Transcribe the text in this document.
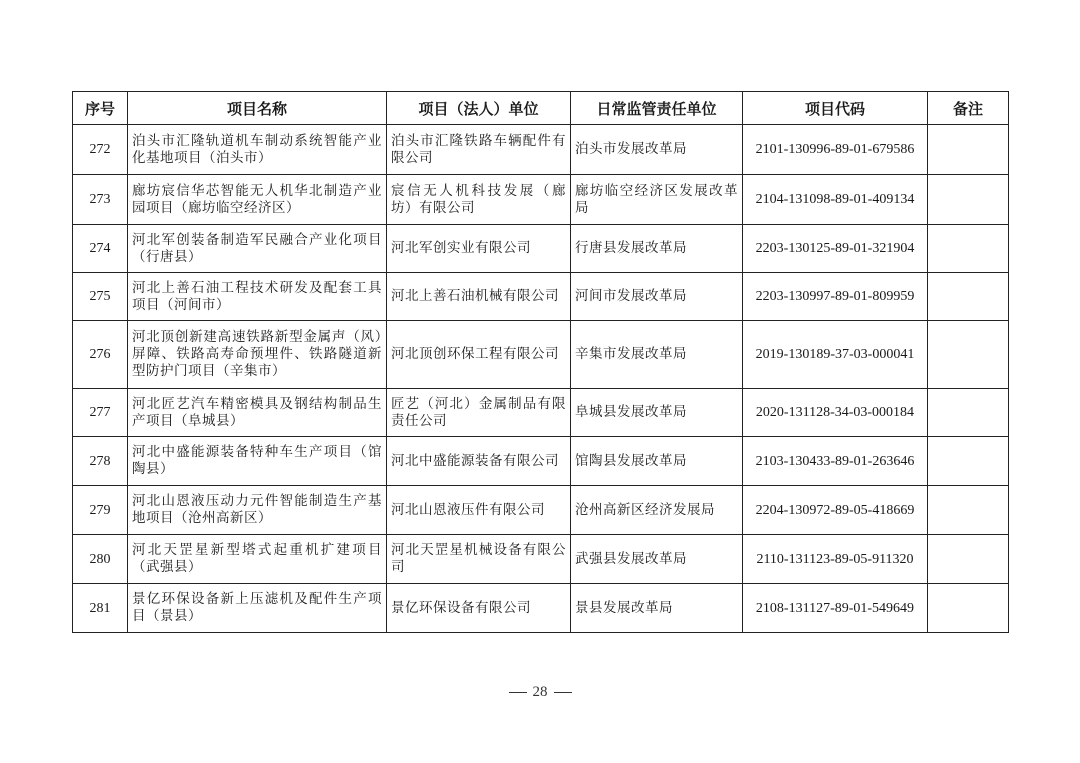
序号	项目名称	项目（法人）单位	日常监管责任单位	项目代码	备注
272	泊头市汇隆轨道机车制动系统智能产业化基地项目（泊头市）	泊头市汇隆铁路车辆配件有限公司	泊头市发展改革局	2101-130996-89-01-679586	
273	廊坊宸信华芯智能无人机华北制造产业园项目（廊坊临空经济区）	宸信无人机科技发展（廊坊）有限公司	廊坊临空经济区发展改革局	2104-131098-89-01-409134	
274	河北军创装备制造军民融合产业化项目（行唐县）	河北军创实业有限公司	行唐县发展改革局	2203-130125-89-01-321904	
275	河北上善石油工程技术研发及配套工具项目（河间市）	河北上善石油机械有限公司	河间市发展改革局	2203-130997-89-01-809959	
276	河北顶创新建高速铁路新型金属声（风）屏障、铁路高寿命预埋件、铁路隧道新型防护门项目（辛集市）	河北顶创环保工程有限公司	辛集市发展改革局	2019-130189-37-03-000041	
277	河北匠艺汽车精密模具及钢结构制品生产项目（阜城县）	匠艺（河北）金属制品有限责任公司	阜城县发展改革局	2020-131128-34-03-000184	
278	河北中盛能源装备特种车生产项目（馆陶县）	河北中盛能源装备有限公司	馆陶县发展改革局	2103-130433-89-01-263646	
279	河北山恩液压动力元件智能制造生产基地项目（沧州高新区）	河北山恩液压件有限公司	沧州高新区经济发展局	2204-130972-89-05-418669	
280	河北天罡星新型塔式起重机扩建项目（武强县）	河北天罡星机械设备有限公司	武强县发展改革局	2110-131123-89-05-911320	
281	景亿环保设备新上压滤机及配件生产项目（景县）	景亿环保设备有限公司	景县发展改革局	2108-131127-89-01-549649	
28
